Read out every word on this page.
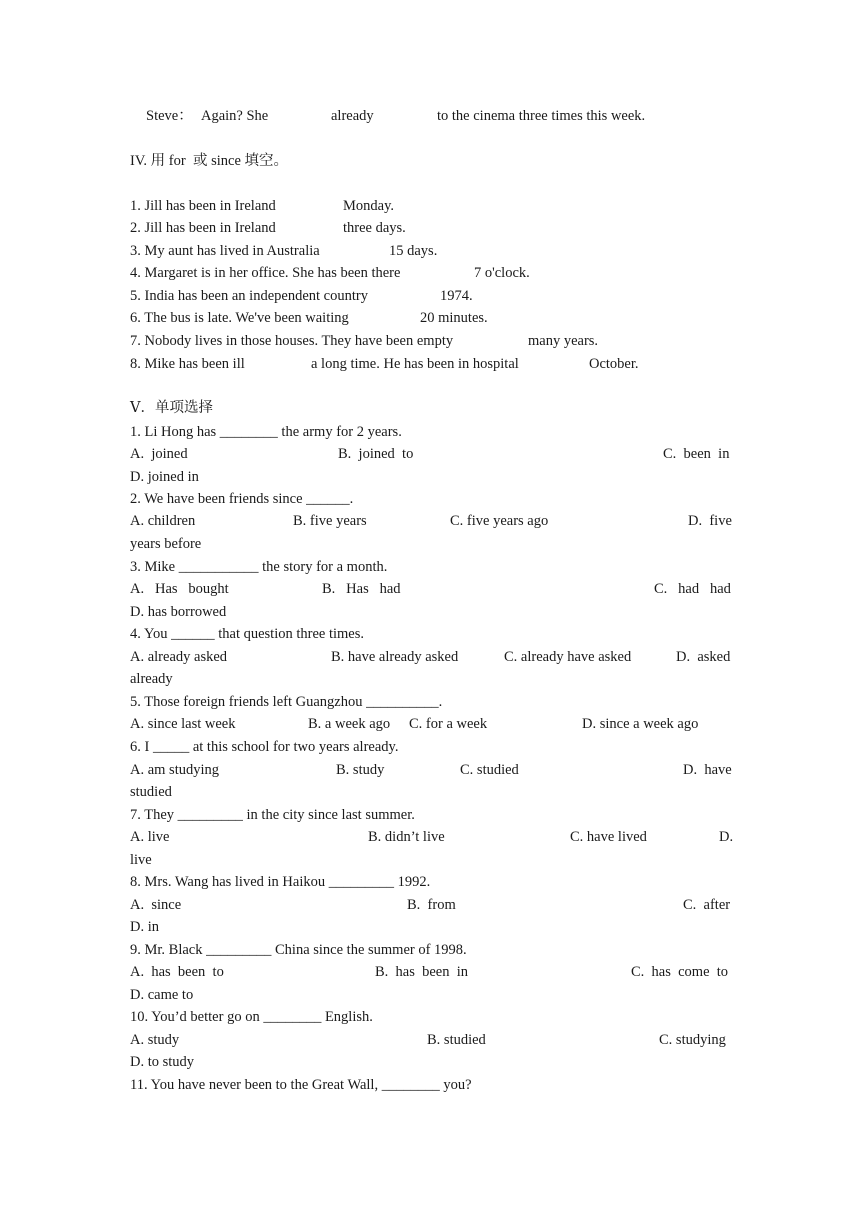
Steve： Again? She	already	to the cinema three times this week.
IV. 用 for  或 since 填空。
1. Jill has been in Ireland	Monday.
2. Jill has been in Ireland	three days.
3. My aunt has lived in Australia	15 days.
4. Margaret is in her office. She has been there	7 o'clock.
5. India has been an independent country	1974.
6. The bus is late. We've been waiting	20 minutes.
7. Nobody lives in those houses. They have been empty	many years.
8. Mike has been ill	a long time. He has been in hospital	October.
Ⅴ．单项选择
1. Li Hong has ________ the army for 2 years.
A.  joined	B.  joined  to	C.  been  in
D. joined in
2. We have been friends since ______.
A. children	B. five years	C. five years ago	D.  five
years before
3. Mike ___________ the story for a month.
A.   Has   bought	B.   Has   had	C.   had   had
D. has borrowed
4. You ______ that question three times.
A. already asked	B. have already asked	C. already have asked	D.  asked
already
5. Those foreign friends left Guangzhou __________.
A. since last week	B. a week ago C. for a week	D. since a week ago
6. I _____ at this school for two years already.
A. am studying	B. study	C. studied	D.  have
studied
7. They _________ in the city since last summer.
A. live	B. didn’t live	C. have lived	D.
live
8. Mrs. Wang has lived in Haikou _________ 1992.
A.  since	B.  from	C.  after
D. in
9. Mr. Black _________ China since the summer of 1998.
A.  has  been  to	B.  has  been  in	C.  has  come  to
D. came to
10. You’d better go on ________ English.
A. study	B. studied	C. studying
D. to study
11. You have never been to the Great Wall, ________ you?
